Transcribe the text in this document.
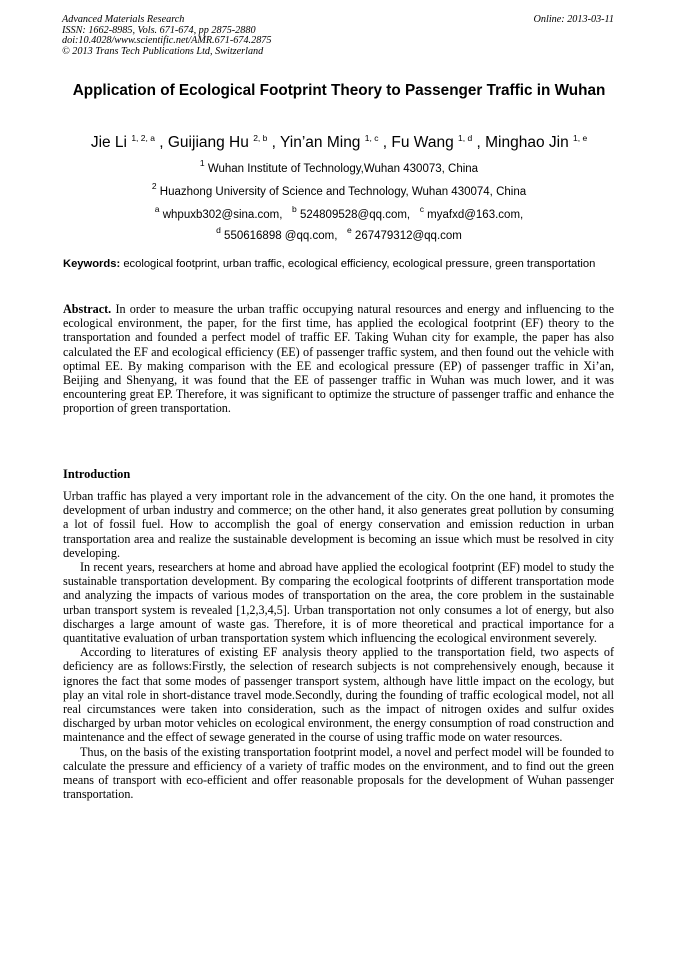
Advanced Materials Research
ISSN: 1662-8985, Vols. 671-674, pp 2875-2880
doi:10.4028/www.scientific.net/AMR.671-674.2875
© 2013 Trans Tech Publications Ltd, Switzerland
Online: 2013-03-11
Application of Ecological Footprint Theory to Passenger Traffic in Wuhan
Jie Li $^{1, 2, a}$ , Guijiang Hu $^{2, b}$ , Yin’an Ming $^{1, c}$ , Fu Wang $^{1, d}$ , Minghao Jin $^{1, e}$
$^1$ Wuhan Institute of Technology,Wuhan 430073, China
$^2$ Huazhong University of Science and Technology, Wuhan 430074, China
$^a$ whpuxb302@sina.com, $^b$ 524809528@qq.com, $^c$ myafxd@163.com,
$^d$ 550616898 @qq.com, $^e$ 267479312@qq.com
Keywords: ecological footprint, urban traffic, ecological efficiency, ecological pressure, green transportation
Abstract. In order to measure the urban traffic occupying natural resources and energy and influencing to the ecological environment, the paper, for the first time, has applied the ecological footprint (EF) theory to the transportation and founded a perfect model of traffic EF. Taking Wuhan city for example, the paper has also calculated the EF and ecological efficiency (EE) of passenger traffic system, and then found out the vehicle with optimal EE. By making comparison with the EE and ecological pressure (EP) of passenger traffic in Xi’an, Beijing and Shenyang, it was found that the EE of passenger traffic in Wuhan was much lower, and it was encountering great EP. Therefore, it was significant to optimize the structure of passenger traffic and enhance the proportion of green transportation.
Introduction

Urban traffic has played a very important role in the advancement of the city. On the one hand, it promotes the development of urban industry and commerce; on the other hand, it also generates great pollution by consuming a lot of fossil fuel. How to accomplish the goal of energy conservation and emission reduction in urban transportation area and realize the sustainable development is becoming an issue which must be resolved in city developing.

In recent years, researchers at home and abroad have applied the ecological footprint (EF) model to study the sustainable transportation development. By comparing the ecological footprints of different transportation mode and analyzing the impacts of various modes of transportation on the area, the core problem in the sustainable urban transport system is revealed [1,2,3,4,5]. Urban transportation not only consumes a lot of energy, but also discharges a large amount of waste gas. Therefore, it is of more theoretical and practical importance for a quantitative evaluation of urban transportation system which influencing the ecological environment severely.

According to literatures of existing EF analysis theory applied to the transportation field, two aspects of deficiency are as follows:Firstly, the selection of research subjects is not comprehensively enough, because it ignores the fact that some modes of passenger transport system, although have little impact on the ecology, but play an vital role in short-distance travel mode.Secondly, during the founding of traffic ecological model, not all real circumstances were taken into consideration, such as the impact of nitrogen oxides and sulfur oxides discharged by urban motor vehicles on ecological environment, the energy consumption of road construction and maintenance and the effect of sewage generated in the course of using traffic mode on water resources.

Thus, on the basis of the existing transportation footprint model, a novel and perfect model will be founded to calculate the pressure and efficiency of a variety of traffic modes on the environment, and to find out the green means of transport with eco-efficient and offer reasonable proposals for the development of Wuhan passenger transportation.
